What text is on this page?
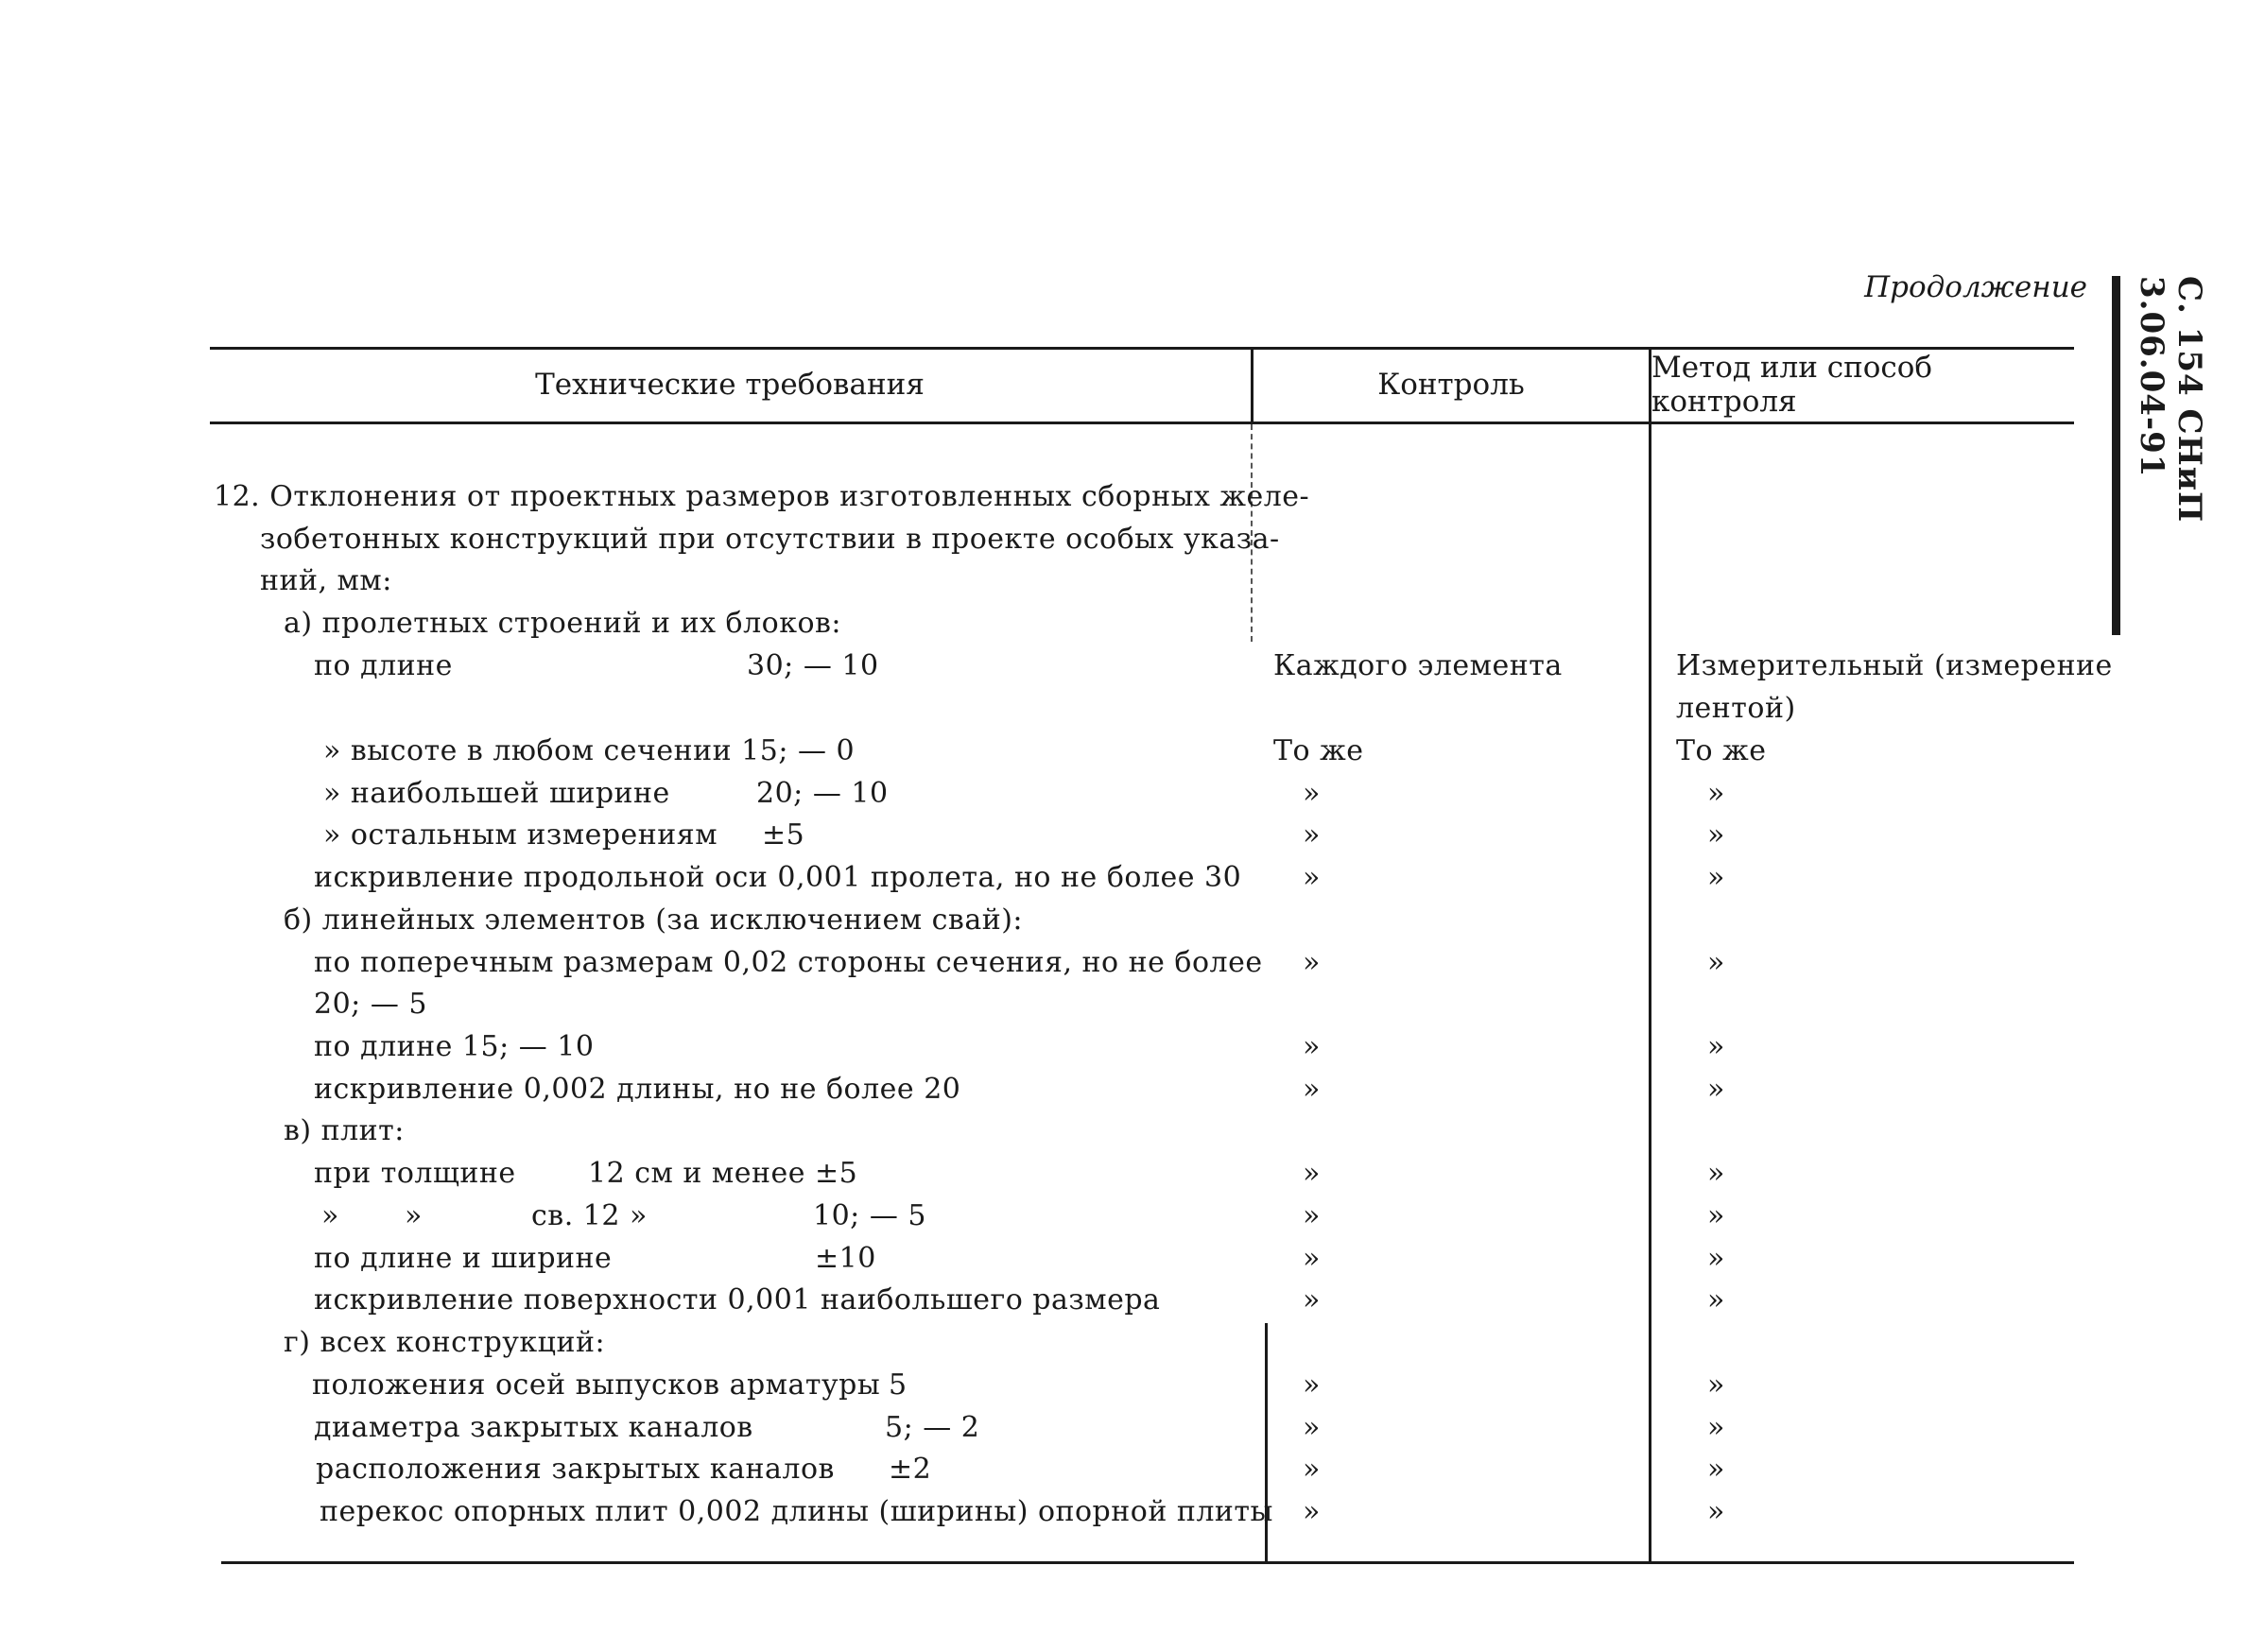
Продолжение	С. 154 СНиП 3.06.04-91
Технические требования	Контроль	Метод или способ контроля
12. Отклонения от проектных размеров изготовленных сборных желе-
зобетонных конструкций при отсутствии в проекте особых указа-
ний, мм:
а) пролетных строений и их блоков:
по длине	30; — 10	Каждого элемента	Измерительный (измерение
лентой)
» высоте в любом сечении 15; — 0	То же	То же
» наибольшей ширине	20; — 10	»	»
» остальным измерениям ±5	»	»
искривление продольной оси 0,001 пролета, но не более 30 »	»
б) линейных элементов (за исключением свай):
по поперечным размерам 0,02 стороны сечения, но не более »	»
20; — 5
по длине 15; — 10	»	»
искривление 0,002 длины, но не более 20	»	»
в) плит:
при толщине	12 см и менее ±5	»	»
» »	св. 12 »	10; — 5	»	»
по длине и ширине	±10	»	»
искривление поверхности 0,001 наибольшего размера	»	»
г) всех конструкций:
положения осей выпусков арматуры 5	»	»
диаметра закрытых каналов	5; — 2	»	»
расположения закрытых каналов ±2	»	»
перекос опорных плит 0,002 длины (ширины) опорной плиты »	»
